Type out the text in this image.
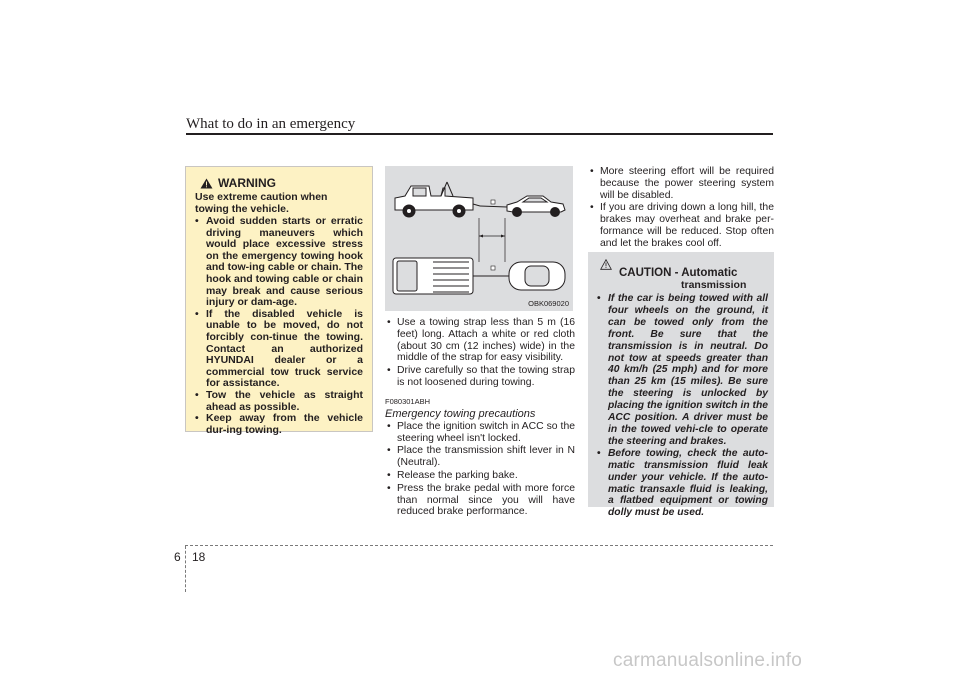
What to do in an emergency
WARNING
Use extreme caution when towing the vehicle.
• Avoid sudden starts or erratic driving maneuvers which would place excessive stress on the emergency towing hook and tow-ing cable or chain. The hook and towing cable or chain may break and cause serious injury or dam-age.
• If the disabled vehicle is unable to be moved, do not forcibly con-tinue the towing. Contact an authorized HYUNDAI dealer or a commercial tow truck service for assistance.
• Tow the vehicle as straight ahead as possible.
• Keep away from the vehicle dur-ing towing.
OBK069020
• Use a towing strap less than 5 m (16 feet) long. Attach a white or red cloth (about 30 cm (12 inches) wide) in the middle of the strap for easy visibility.
• Drive carefully so that the towing strap is not loosened during towing.
F080301ABH
Emergency towing precautions
• Place the ignition switch in ACC so the steering wheel isn't locked.
• Place the transmission shift lever in N (Neutral).
• Release the parking bake.
• Press the brake pedal with more force than normal since you will have reduced brake performance.
• More steering effort will be required because the power steering system will be disabled.
• If you are driving down a long hill, the brakes may overheat and brake per-formance will be reduced. Stop often and let the brakes cool off.
CAUTION - Automatic
transmission
• If the car is being towed with all four wheels on the ground, it can be towed only from the front. Be sure that the transmission is in neutral. Do not tow at speeds greater than 40 km/h (25 mph) and for more than 25 km (15 miles). Be sure the steering is unlocked by placing the ignition switch in the ACC position. A driver must be in the towed vehi-cle to operate the steering and brakes.
• Before towing, check the auto-matic transmission fluid leak under your vehicle. If the auto-matic transaxle fluid is leaking, a flatbed equipment or towing dolly must be used.
6 18
carmanualsonline.info
